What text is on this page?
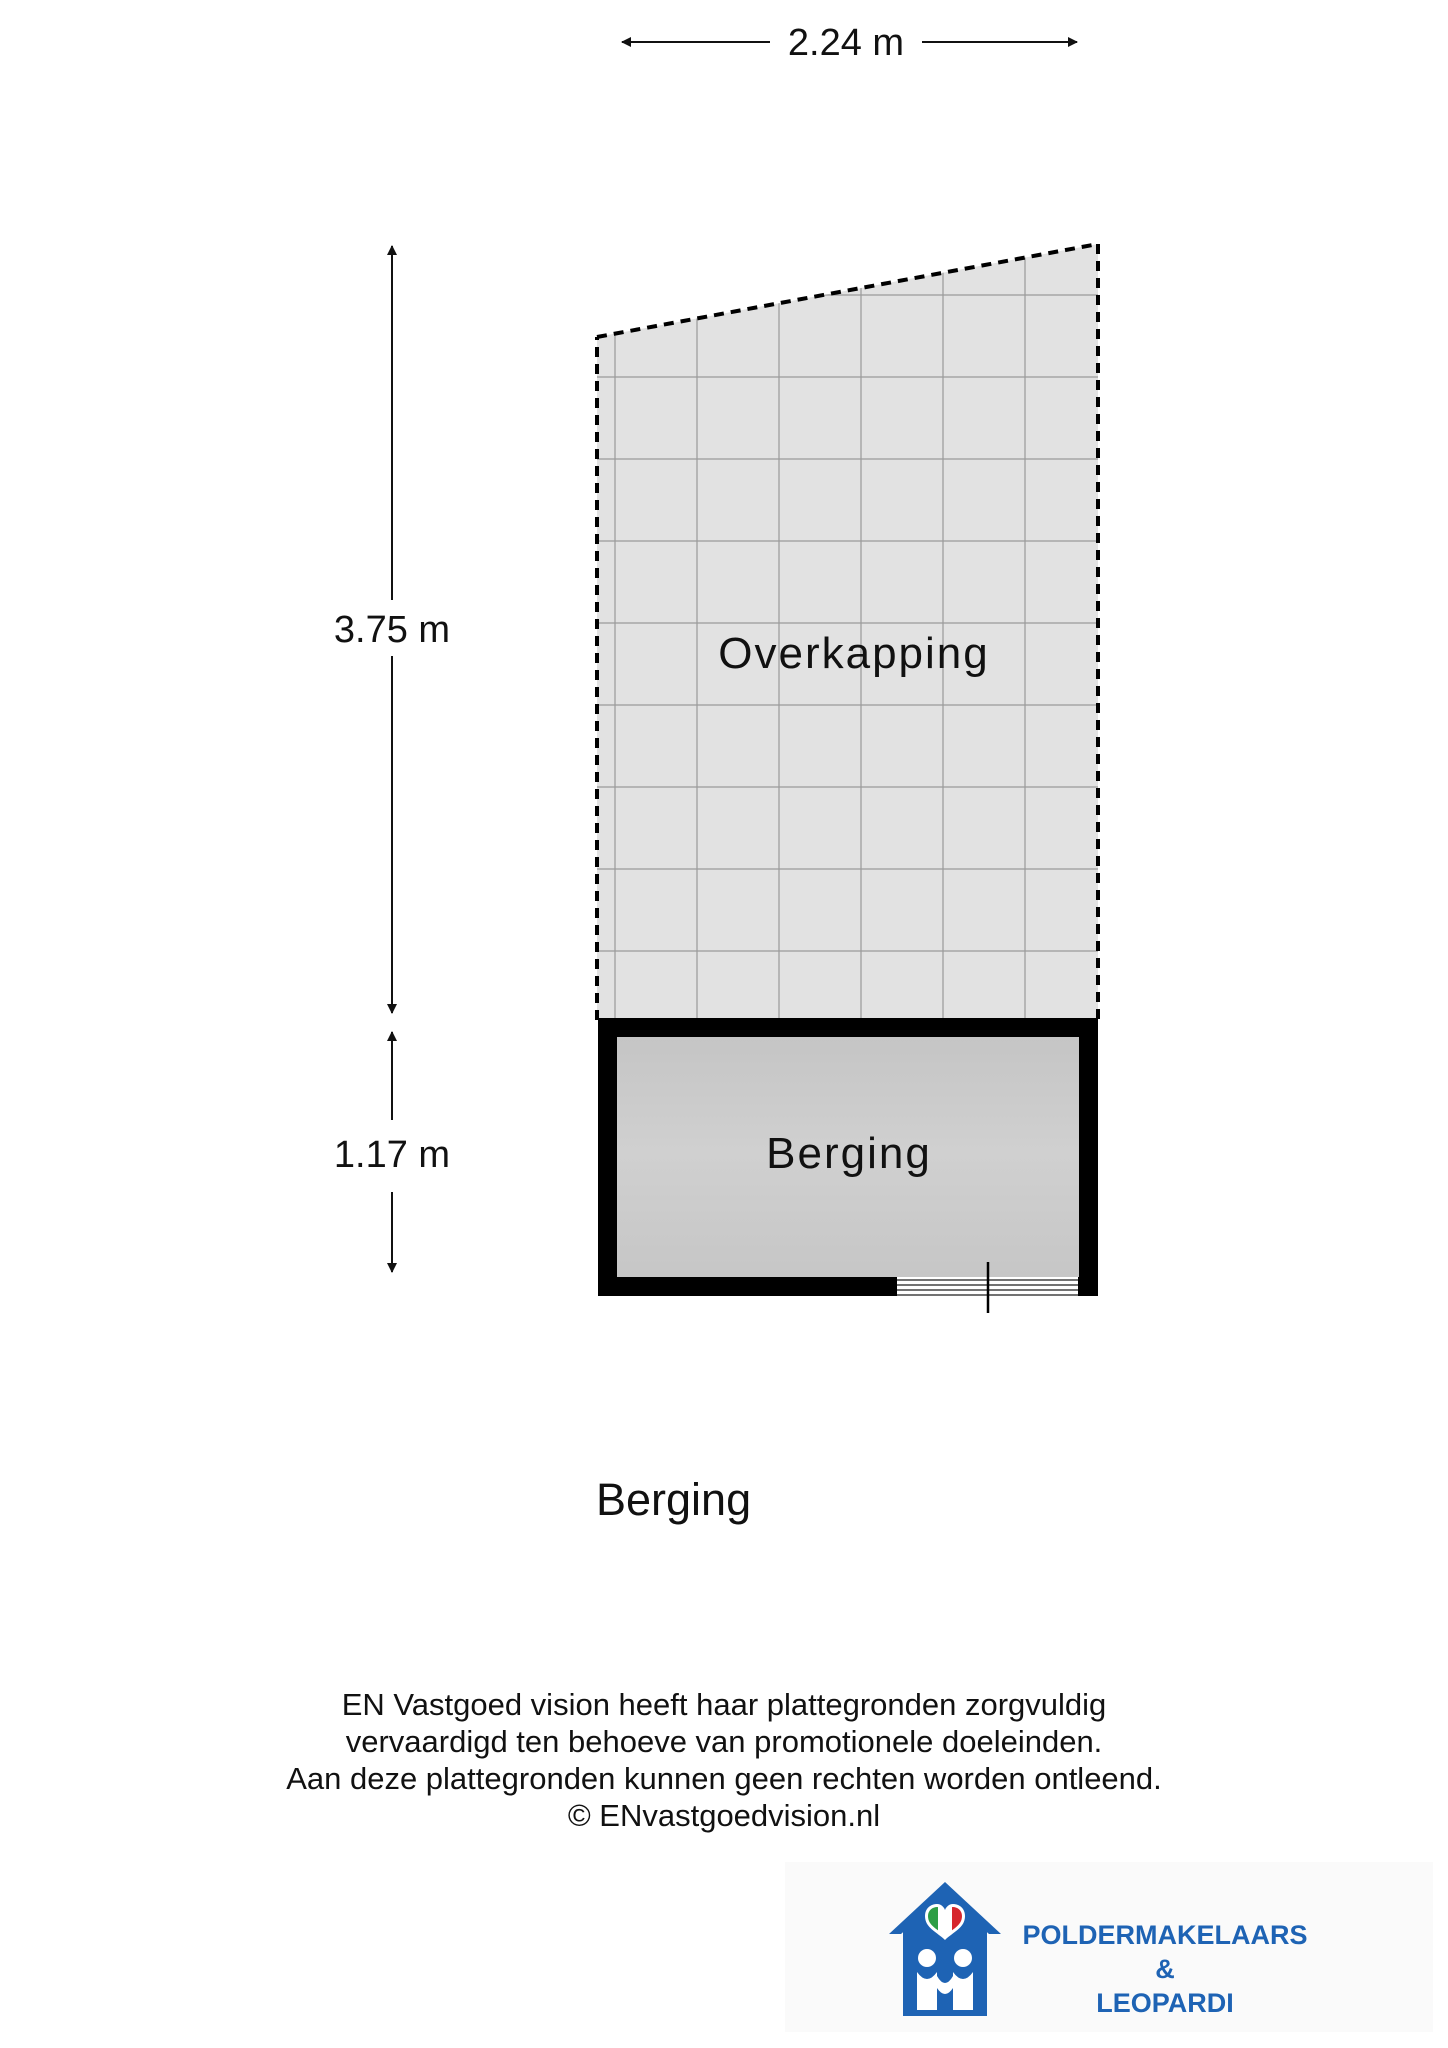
Overkapping
Berging
2.24 m
3.75 m
1.17 m
Berging
EN Vastgoed vision heeft haar plattegronden zorgvuldig
vervaardigd ten behoeve van promotionele doeleinden.
Aan deze plattegronden kunnen geen rechten worden ontleend.
© ENvastgoedvision.nl
POLDERMAKELAARS
&
LEOPARDI
